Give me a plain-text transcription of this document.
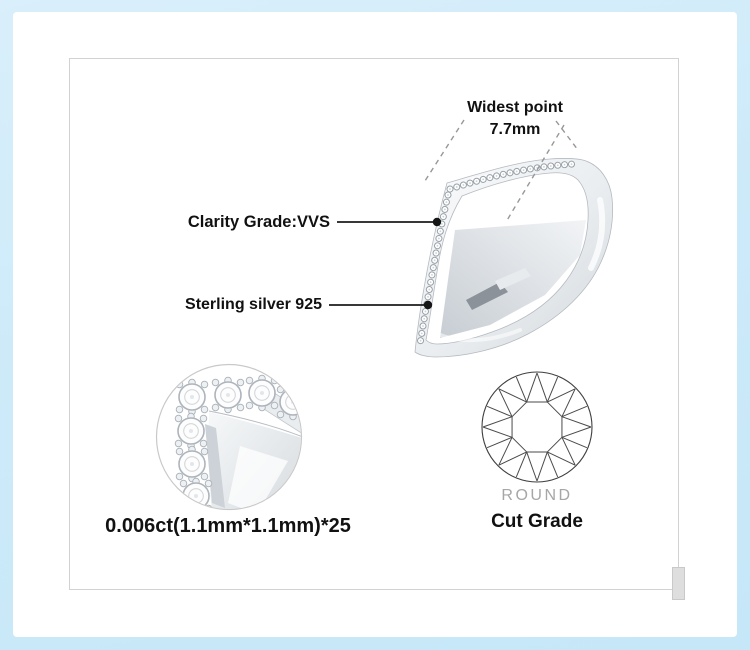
Widest point
7.7mm
Clarity Grade:VVS
Sterling silver 925
0.006ct(1.1mm*1.1mm)*25
ROUND
Cut Grade
